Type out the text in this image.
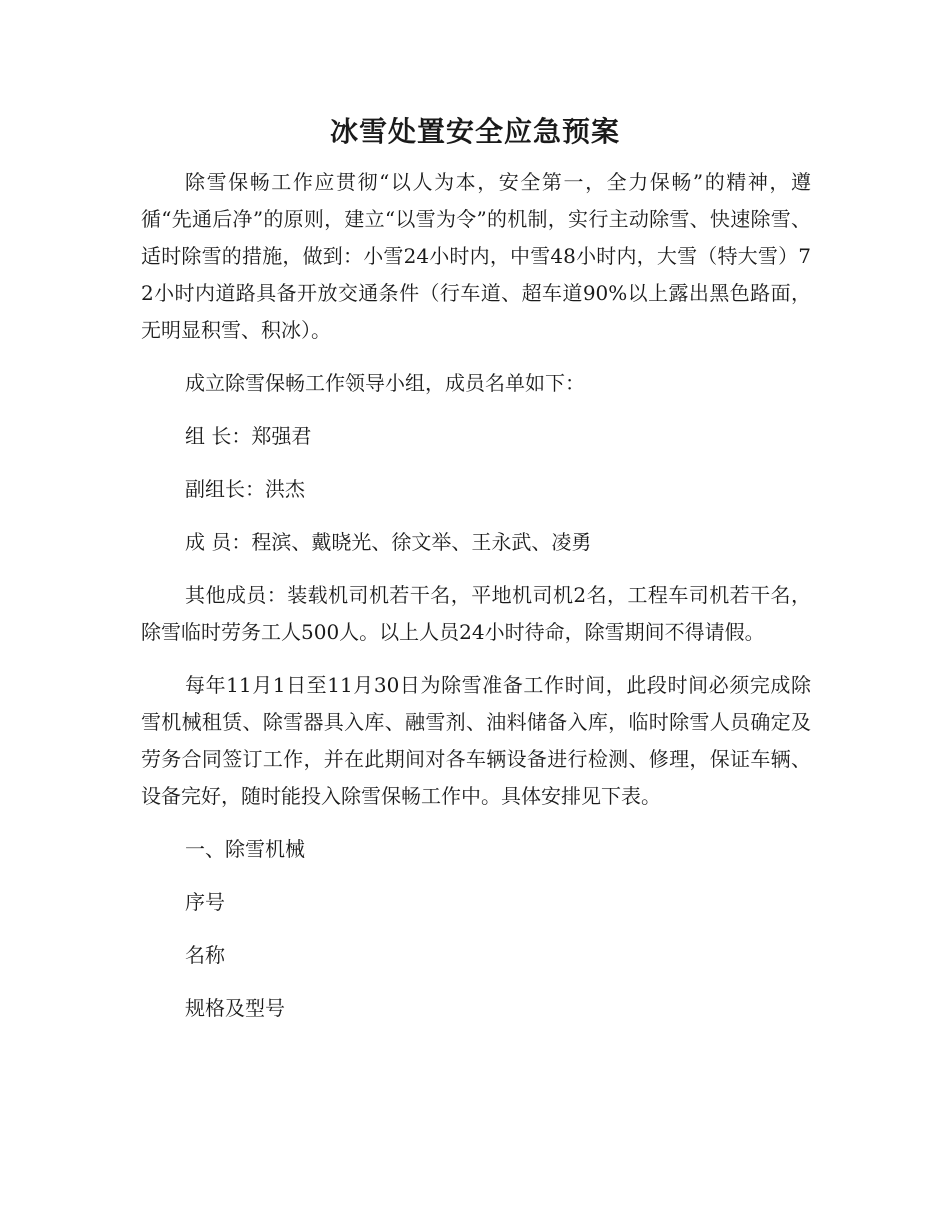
冰雪处置安全应急预案

除雪保畅工作应贯彻“以人为本，安全第一，全力保畅”的精神，遵循“先通后净”的原则，建立“以雪为令”的机制，实行主动除雪、快速除雪、适时除雪的措施，做到：小雪24小时内，中雪48小时内，大雪（特大雪）72小时内道路具备开放交通条件（行车道、超车道90%以上露出黑色路面，无明显积雪、积冰）。

成立除雪保畅工作领导小组，成员名单如下：

组 长：郑强君

副组长：洪杰

成 员：程滨、戴晓光、徐文举、王永武、凌勇

其他成员：装载机司机若干名，平地机司机2名，工程车司机若干名，除雪临时劳务工人500人。以上人员24小时待命，除雪期间不得请假。

每年11月1日至11月30日为除雪准备工作时间，此段时间必须完成除雪机械租赁、除雪器具入库、融雪剂、油料储备入库，临时除雪人员确定及劳务合同签订工作，并在此期间对各车辆设备进行检测、修理，保证车辆、设备完好，随时能投入除雪保畅工作中。具体安排见下表。

一、除雪机械

序号

名称

规格及型号
